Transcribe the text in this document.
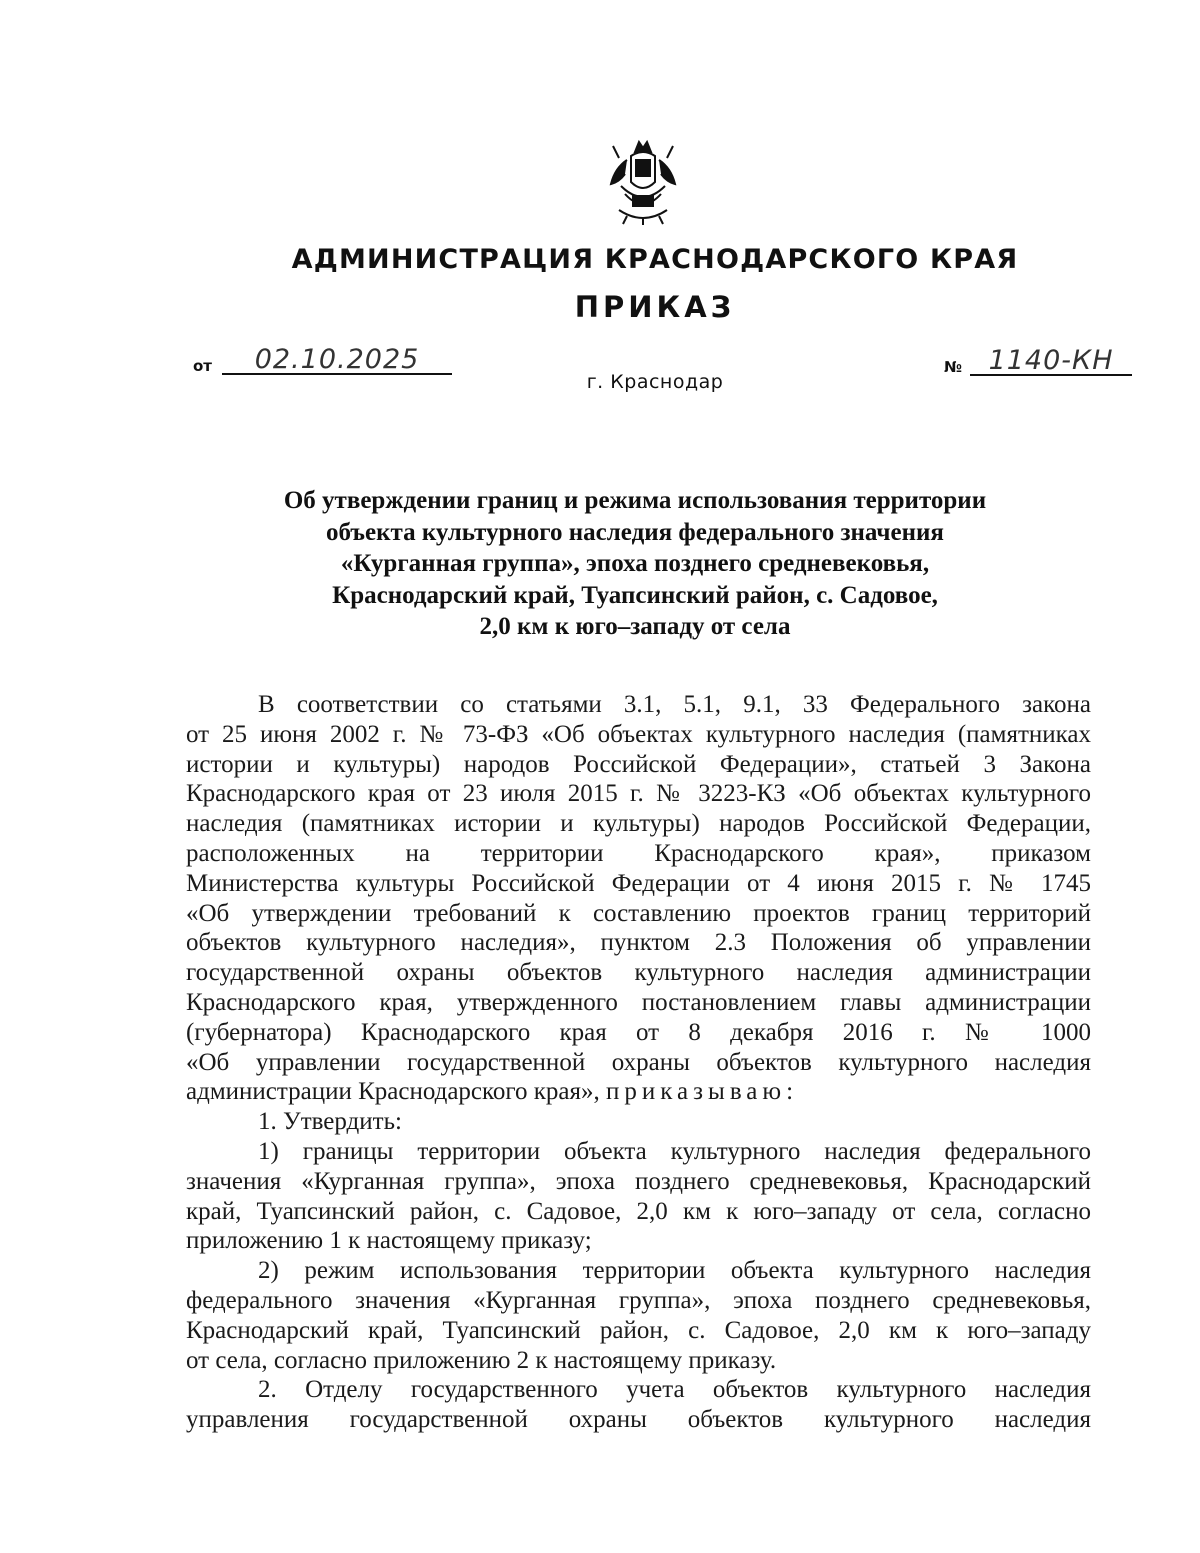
АДМИНИСТРАЦИЯ КРАСНОДАРСКОГО КРАЯ
ПРИКАЗ
от 02.10.2025	№ 1140-КН
г. Краснодар
Об утверждении границ и режима использования территории
объекта культурного наследия федерального значения
«Курганная группа», эпоха позднего средневековья,
Краснодарский край, Туапсинский район, с. Садовое,
2,0 км к юго–западу от села
В соответствии со статьями 3.1, 5.1, 9.1, 33 Федерального закона
от 25 июня 2002 г. № 73-ФЗ «Об объектах культурного наследия (памятниках
истории и культуры) народов Российской Федерации», статьей 3 Закона
Краснодарского края от 23 июля 2015 г. № 3223-КЗ «Об объектах культурного
наследия (памятниках истории и культуры) народов Российской Федерации,
расположенных на территории Краснодарского края», приказом
Министерства культуры Российской Федерации от 4 июня 2015 г. № 1745
«Об утверждении требований к составлению проектов границ территорий
объектов культурного наследия», пунктом 2.3 Положения об управлении
государственной охраны объектов культурного наследия администрации
Краснодарского края, утвержденного постановлением главы администрации
(губернатора) Краснодарского края от 8 декабря 2016 г. № 1000
«Об управлении государственной охраны объектов культурного наследия
администрации Краснодарского края», приказываю:
1. Утвердить:
1) границы территории объекта культурного наследия федерального
значения «Курганная группа», эпоха позднего средневековья, Краснодарский
край, Туапсинский район, с. Садовое, 2,0 км к юго–западу от села, согласно
приложению 1 к настоящему приказу;
2) режим использования территории объекта культурного наследия
федерального значения «Курганная группа», эпоха позднего средневековья,
Краснодарский край, Туапсинский район, с. Садовое, 2,0 км к юго–западу
от села, согласно приложению 2 к настоящему приказу.
2. Отделу государственного учета объектов культурного наследия
управления государственной охраны объектов культурного наследия
